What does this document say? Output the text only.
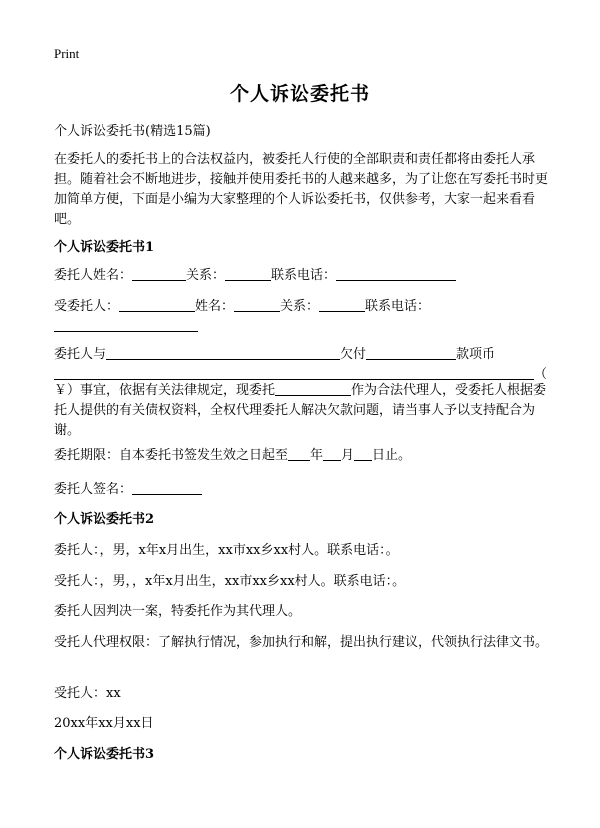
Print
个人诉讼委托书
个人诉讼委托书(精选15篇)
在委托人的委托书上的合法权益内，被委托人行使的全部职责和责任都将由委托人承担。随着社会不断地进步，接触并使用委托书的人越来越多，为了让您在写委托书时更加简单方便，下面是小编为大家整理的个人诉讼委托书，仅供参考，大家一起来看看吧。
个人诉讼委托书1
委托人姓名：	关系：	联系电话：
受委托人：	姓名：	关系：	联系电话：
委托人与	欠付	款项币
（
￥）事宜，依据有关法律规定，现委托	作为合法代理人，受委托人根据委托人提供的有关债权资料，全权代理委托人解决欠款问题，请当事人予以支持配合为谢。
委托期限：自本委托书签发生效之日起至 年 月 日止。
委托人签名：
个人诉讼委托书2
委托人：，男，x年x月出生，xx市xx乡xx村人。联系电话：。
受托人：，男，，x年x月出生，xx市xx乡xx村人。联系电话：。
委托人因判决一案，特委托作为其代理人。
受托人代理权限：了解执行情况，参加执行和解，提出执行建议，代领执行法律文书。
受托人：xx
20xx年xx月xx日
个人诉讼委托书3
